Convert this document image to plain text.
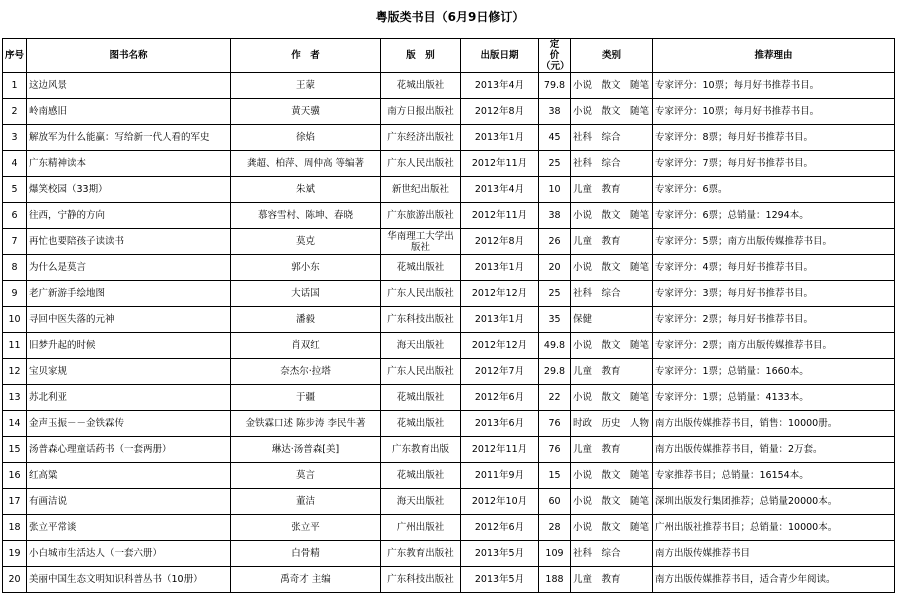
粤版类书目（6月9日修订）
序号	图书名称	作　者	版　别	出版日期	定　价（元）	类别	推荐理由
1	这边风景	王蒙	花城出版社	2013年4月	79.8	小说　散文　随笔	专家评分：10票；每月好书推荐书目。
2	岭南感旧	黄天骥	南方日报出版社	2012年8月	38	小说　散文　随笔	专家评分：10票；每月好书推荐书目。
3	解放军为什么能赢：写给新一代人看的军史	徐焰	广东经济出版社	2013年1月	45	社科　综合	专家评分：8票；每月好书推荐书目。
4	广东精神读本	龚超、柏萍、周仲高 等编著	广东人民出版社	2012年11月	25	社科　综合	专家评分：7票；每月好书推荐书目。
5	爆笑校园（33期）	朱斌	新世纪出版社	2013年4月	10	儿童　教育	专家评分：6票。
6	往西，宁静的方向	慕容雪村、陈坤、春晓	广东旅游出版社	2012年11月	38	小说　散文　随笔	专家评分：6票；总销量：1294本。
7	再忙也要陪孩子读读书	莫克	华南理工大学出版社	2012年8月	26	儿童　教育	专家评分：5票；南方出版传媒推荐书目。
8	为什么是莫言	郭小东	花城出版社	2013年1月	20	小说　散文　随笔	专家评分：4票；每月好书推荐书目。
9	老广新游手绘地图	大话国	广东人民出版社	2012年12月	25	社科　综合	专家评分：3票；每月好书推荐书目。
10	寻回中医失落的元神	潘毅	广东科技出版社	2013年1月	35	保健	专家评分：2票；每月好书推荐书目。
11	旧梦升起的时候	肖双红	海天出版社	2012年12月	49.8	小说　散文　随笔	专家评分：2票；南方出版传媒推荐书目。
12	宝贝家规	奈杰尔·拉塔	广东人民出版社	2012年7月	29.8	儿童　教育	专家评分：1票；总销量：1660本。
13	苏北利亚	于疆	花城出版社	2012年6月	22	小说　散文　随笔	专家评分：1票；总销量：4133本。
14	金声玉振－－金铁霖传	金铁霖口述 陈步涛 李民牛著	花城出版社	2013年6月	76	时政　历史　人物	南方出版传媒推荐书目，销售：10000册。
15	汤普森心理童话药书（一套两册）	琳达·汤普森[美]	广东教育出版	2012年11月	76	儿童　教育	南方出版传媒推荐书目，销量：2万套。
16	红高粱	莫言	花城出版社	2011年9月	15	小说　散文　随笔	专家推荐书目；总销量：16154本。
17	有画洁说	董洁	海天出版社	2012年10月	60	小说　散文　随笔	深圳出版发行集团推荐；总销量20000本。
18	张立平常谈	张立平	广州出版社	2012年6月	28	小说　散文　随笔	广州出版社推荐书目；总销量：10000本。
19	小白城市生活达人（一套六册）	白骨精	广东教育出版社	2013年5月	109	社科　综合	南方出版传媒推荐书目
20	美丽中国生态文明知识科普丛书（10册）	禹奇才 主编	广东科技出版社	2013年5月	188	儿童　教育	南方出版传媒推荐书目，适合青少年阅读。
